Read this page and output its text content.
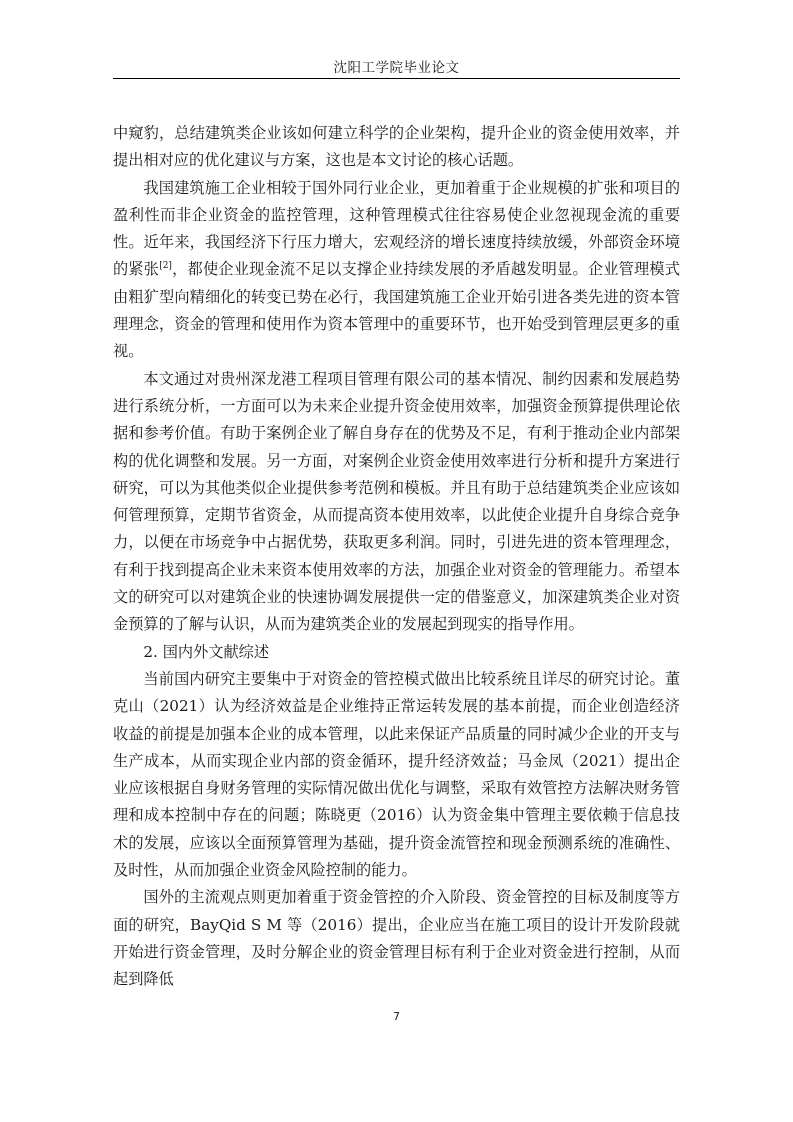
沈阳工学院毕业论文

中窥豹，总结建筑类企业该如何建立科学的企业架构，提升企业的资金使用效率，并提出相对应的优化建议与方案，这也是本文讨论的核心话题。

我国建筑施工企业相较于国外同行业企业，更加着重于企业规模的扩张和项目的盈利性而非企业资金的监控管理，这种管理模式往往容易使企业忽视现金流的重要性。近年来，我国经济下行压力增大，宏观经济的增长速度持续放缓，外部资金环境的紧张[2]，都使企业现金流不足以支撑企业持续发展的矛盾越发明显。企业管理模式由粗犷型向精细化的转变已势在必行，我国建筑施工企业开始引进各类先进的资本管理理念，资金的管理和使用作为资本管理中的重要环节，也开始受到管理层更多的重视。

本文通过对贵州深龙港工程项目管理有限公司的基本情况、制约因素和发展趋势进行系统分析，一方面可以为未来企业提升资金使用效率，加强资金预算提供理论依据和参考价值。有助于案例企业了解自身存在的优势及不足，有利于推动企业内部架构的优化调整和发展。另一方面，对案例企业资金使用效率进行分析和提升方案进行研究，可以为其他类似企业提供参考范例和模板。并且有助于总结建筑类企业应该如何管理预算，定期节省资金，从而提高资本使用效率，以此使企业提升自身综合竞争力，以便在市场竞争中占据优势，获取更多利润。同时，引进先进的资本管理理念，有利于找到提高企业未来资本使用效率的方法，加强企业对资金的管理能力。希望本文的研究可以对建筑企业的快速协调发展提供一定的借鉴意义，加深建筑类企业对资金预算的了解与认识，从而为建筑类企业的发展起到现实的指导作用。

2. 国内外文献综述

当前国内研究主要集中于对资金的管控模式做出比较系统且详尽的研究讨论。董克山（2021）认为经济效益是企业维持正常运转发展的基本前提，而企业创造经济收益的前提是加强本企业的成本管理，以此来保证产品质量的同时减少企业的开支与生产成本，从而实现企业内部的资金循环，提升经济效益；马金凤（2021）提出企业应该根据自身财务管理的实际情况做出优化与调整，采取有效管控方法解决财务管理和成本控制中存在的问题；陈晓更（2016）认为资金集中管理主要依赖于信息技术的发展，应该以全面预算管理为基础，提升资金流管控和现金预测系统的准确性、及时性，从而加强企业资金风险控制的能力。

国外的主流观点则更加着重于资金管控的介入阶段、资金管控的目标及制度等方面的研究，BayQid S M 等（2016）提出，企业应当在施工项目的设计开发阶段就开始进行资金管理，及时分解企业的资金管理目标有利于企业对资金进行控制，从而起到降低

7
